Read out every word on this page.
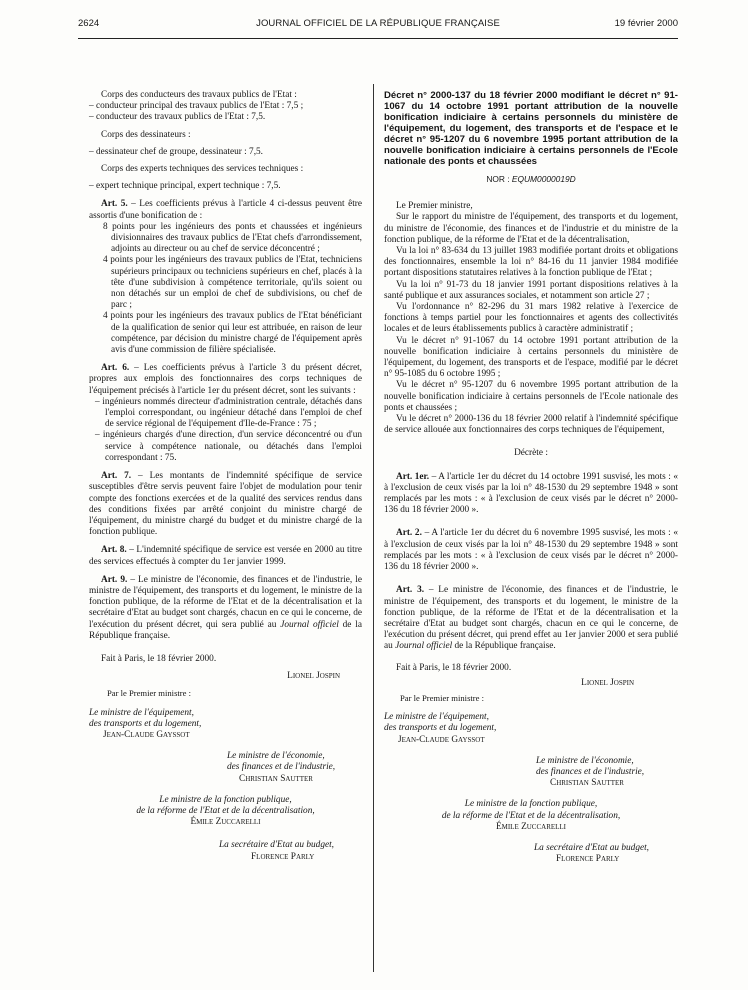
2624	JOURNAL OFFICIEL DE LA RÉPUBLIQUE FRANÇAISE	19 février 2000

Corps des conducteurs des travaux publics de l'Etat :

– conducteur principal des travaux publics de l'Etat : 7,5 ;

– conducteur des travaux publics de l'Etat : 7,5.

Corps des dessinateurs :

– dessinateur chef de groupe, dessinateur : 7,5.

Corps des experts techniques des services techniques :

– expert technique principal, expert technique : 7,5.

Art. 5. – Les coefficients prévus à l'article 4 ci-dessus peuvent être assortis d'une bonification de :

8 points pour les ingénieurs des ponts et chaussées et ingénieurs divisionnaires des travaux publics de l'Etat chefs d'arrondissement, adjoints au directeur ou au chef de service déconcentré ;

4 points pour les ingénieurs des travaux publics de l'Etat, techniciens supérieurs principaux ou techniciens supérieurs en chef, placés à la tête d'une subdivision à compétence territoriale, qu'ils soient ou non détachés sur un emploi de chef de subdivisions, ou chef de parc ;

4 points pour les ingénieurs des travaux publics de l'Etat bénéficiant de la qualification de senior qui leur est attribuée, en raison de leur compétence, par décision du ministre chargé de l'équipement après avis d'une commission de filière spécialisée.

Art. 6. – Les coefficients prévus à l'article 3 du présent décret, propres aux emplois des fonctionnaires des corps techniques de l'équipement précisés à l'article 1er du présent décret, sont les suivants :

– ingénieurs nommés directeur d'administration centrale, détachés dans l'emploi correspondant, ou ingénieur détaché dans l'emploi de chef de service régional de l'équipement d'Ile-de-France : 75 ;

– ingénieurs chargés d'une direction, d'un service déconcentré ou d'un service à compétence nationale, ou détachés dans l'emploi correspondant : 75.

Art. 7. – Les montants de l'indemnité spécifique de service susceptibles d'être servis peuvent faire l'objet de modulation pour tenir compte des fonctions exercées et de la qualité des services rendus dans des conditions fixées par arrêté conjoint du ministre chargé de l'équipement, du ministre chargé du budget et du ministre chargé de la fonction publique.

Art. 8. – L'indemnité spécifique de service est versée en 2000 au titre des services effectués à compter du 1er janvier 1999.

Art. 9. – Le ministre de l'économie, des finances et de l'industrie, le ministre de l'équipement, des transports et du logement, le ministre de la fonction publique, de la réforme de l'Etat et de la décentralisation et la secrétaire d'Etat au budget sont chargés, chacun en ce qui le concerne, de l'exécution du présent décret, qui sera publié au Journal officiel de la République française.

Fait à Paris, le 18 février 2000.

Lionel Jospin

Par le Premier ministre :

Le ministre de l'équipement,

des transports et du logement,

Jean-Claude Gayssot

Le ministre de l'économie,

des finances et de l'industrie,

Christian Sautter

Le ministre de la fonction publique,

de la réforme de l'Etat et de la décentralisation,

Émile Zuccarelli

La secrétaire d'Etat au budget,

Florence Parly

Décret n° 2000-137 du 18 février 2000 modifiant le décret n° 91-1067 du 14 octobre 1991 portant attribution de la nouvelle bonification indiciaire à certains personnels du ministère de l'équipement, du logement, des transports et de l'espace et le décret n° 95-1207 du 6 novembre 1995 portant attribution de la nouvelle bonification indiciaire à certains personnels de l'Ecole nationale des ponts et chaussées

NOR : EQUM0000019D

Le Premier ministre,

Sur le rapport du ministre de l'équipement, des transports et du logement, du ministre de l'économie, des finances et de l'industrie et du ministre de la fonction publique, de la réforme de l'Etat et de la décentralisation,

Vu la loi n° 83-634 du 13 juillet 1983 modifiée portant droits et obligations des fonctionnaires, ensemble la loi n° 84-16 du 11 janvier 1984 modifiée portant dispositions statutaires relatives à la fonction publique de l'Etat ;

Vu la loi n° 91-73 du 18 janvier 1991 portant dispositions relatives à la santé publique et aux assurances sociales, et notamment son article 27 ;

Vu l'ordonnance n° 82-296 du 31 mars 1982 relative à l'exercice de fonctions à temps partiel pour les fonctionnaires et agents des collectivités locales et de leurs établissements publics à caractère administratif ;

Vu le décret n° 91-1067 du 14 octobre 1991 portant attribution de la nouvelle bonification indiciaire à certains personnels du ministère de l'équipement, du logement, des transports et de l'espace, modifié par le décret n° 95-1085 du 6 octobre 1995 ;

Vu le décret n° 95-1207 du 6 novembre 1995 portant attribution de la nouvelle bonification indiciaire à certains personnels de l'Ecole nationale des ponts et chaussées ;

Vu le décret n° 2000-136 du 18 février 2000 relatif à l'indemnité spécifique de service allouée aux fonctionnaires des corps techniques de l'équipement,

Décrète :

Art. 1er. – A l'article 1er du décret du 14 octobre 1991 susvisé, les mots : « à l'exclusion de ceux visés par la loi n° 48-1530 du 29 septembre 1948 » sont remplacés par les mots : « à l'exclusion de ceux visés par le décret n° 2000-136 du 18 février 2000 ».

Art. 2. – A l'article 1er du décret du 6 novembre 1995 susvisé, les mots : « à l'exclusion de ceux visés par la loi n° 48-1530 du 29 septembre 1948 » sont remplacés par les mots : « à l'exclusion de ceux visés par le décret n° 2000-136 du 18 février 2000 ».

Art. 3. – Le ministre de l'économie, des finances et de l'industrie, le ministre de l'équipement, des transports et du logement, le ministre de la fonction publique, de la réforme de l'Etat et de la décentralisation et la secrétaire d'Etat au budget sont chargés, chacun en ce qui le concerne, de l'exécution du présent décret, qui prend effet au 1er janvier 2000 et sera publié au Journal officiel de la République française.

Fait à Paris, le 18 février 2000.

Lionel Jospin

Par le Premier ministre :

Le ministre de l'équipement,

des transports et du logement,

Jean-Claude Gayssot

Le ministre de l'économie,

des finances et de l'industrie,

Christian Sautter

Le ministre de la fonction publique,

de la réforme de l'Etat et de la décentralisation,

Émile Zuccarelli

La secrétaire d'Etat au budget,

Florence Parly
